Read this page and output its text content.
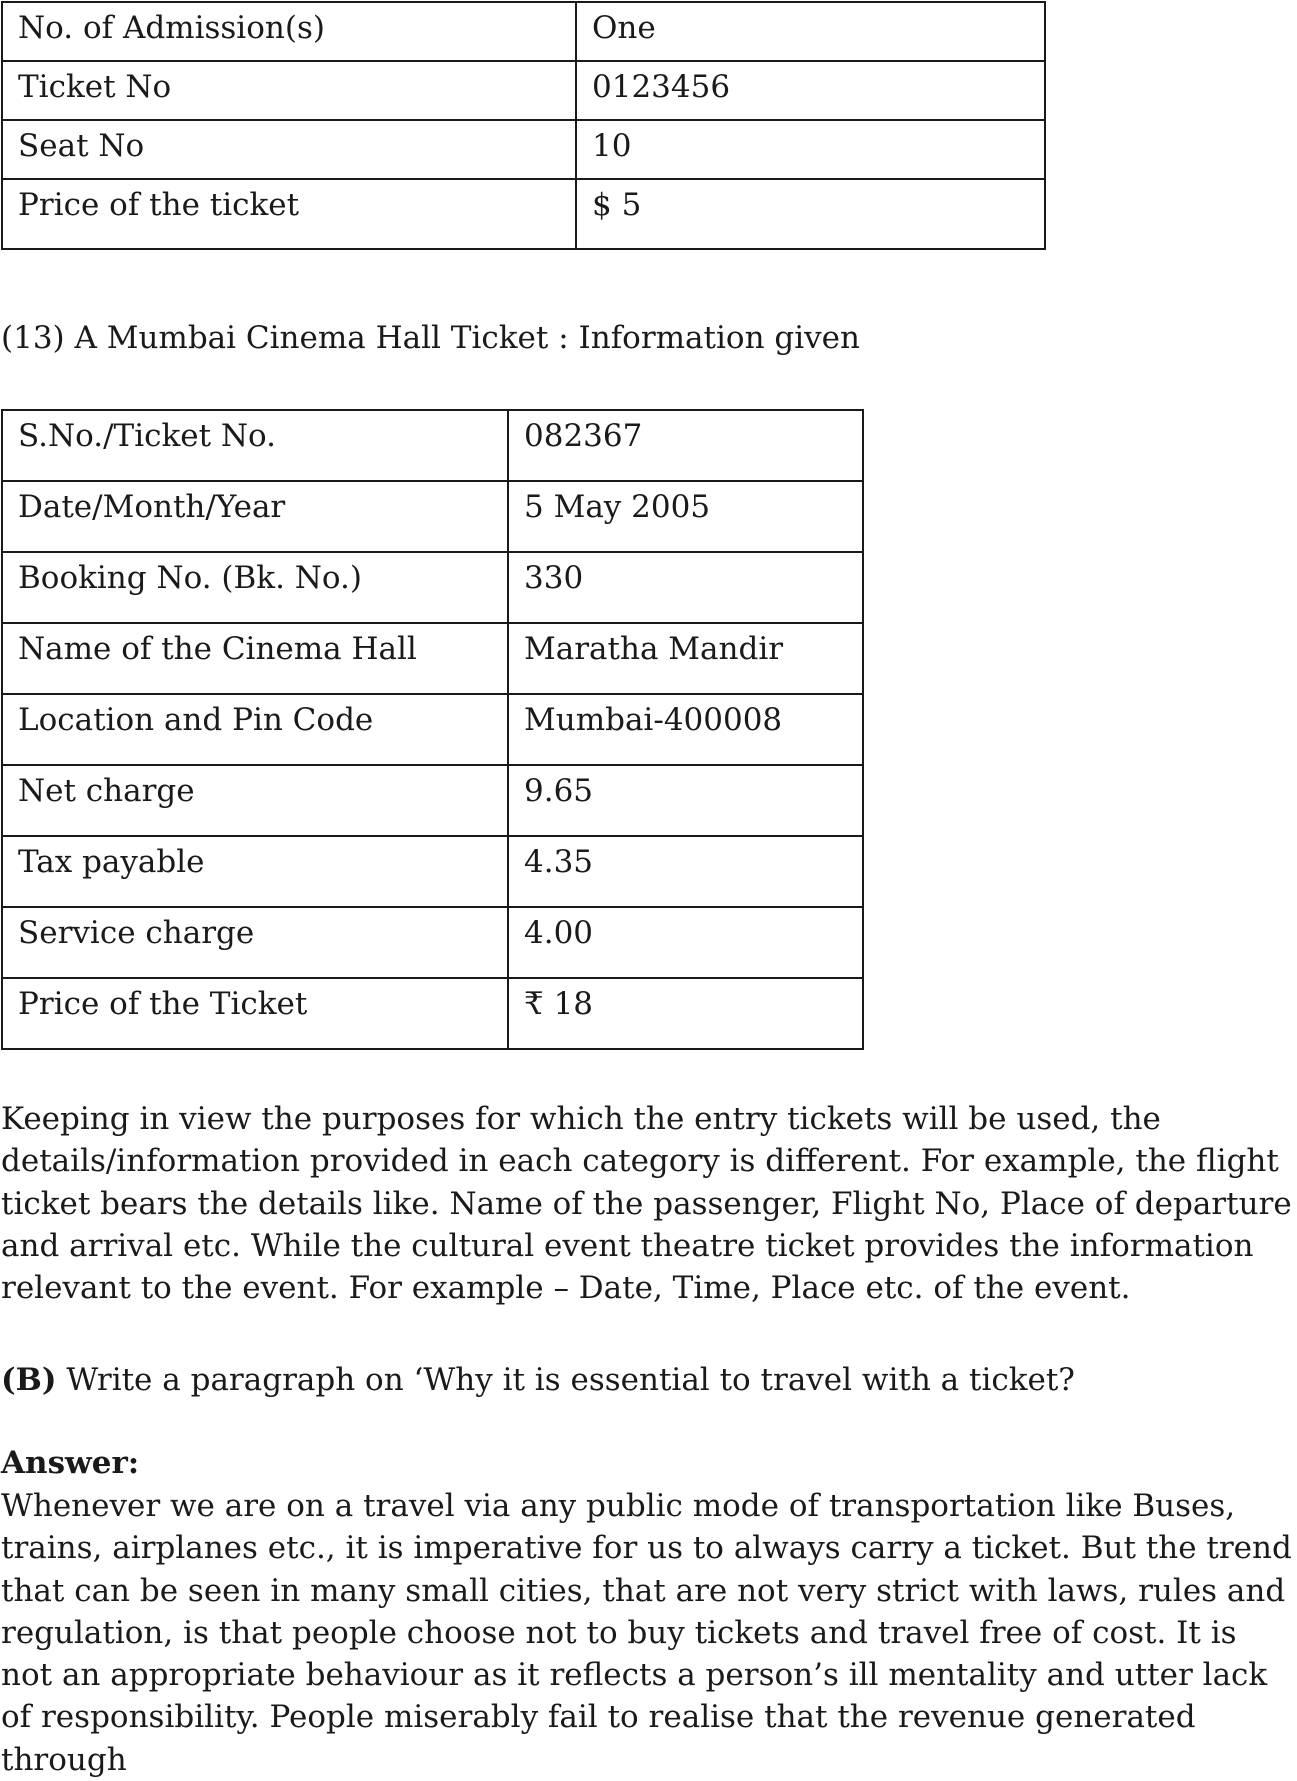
No. of Admission(s)	One
Ticket No	0123456
Seat No	10
Price of the ticket	$ 5
(13) A Mumbai Cinema Hall Ticket : Information given
S.No./Ticket No.	082367
Date/Month/Year	5 May 2005
Booking No. (Bk. No.)	330
Name of the Cinema Hall	Maratha Mandir
Location and Pin Code	Mumbai-400008
Net charge	9.65
Tax payable	4.35
Service charge	4.00
Price of the Ticket	₹ 18

Keeping in view the purposes for which the entry tickets will be used, the details/information provided in each category is different. For example, the flight ticket bears the details like. Name of the passenger, Flight No, Place of departure and arrival etc. While the cultural event theatre ticket provides the information relevant to the event. For example – Date, Time, Place etc. of the event.

(B) Write a paragraph on ‘Why it is essential to travel with a ticket?
Answer:

Whenever we are on a travel via any public mode of transportation like Buses, trains, airplanes etc., it is imperative for us to always carry a ticket. But the trend that can be seen in many small cities, that are not very strict with laws, rules and regulation, is that people choose not to buy tickets and travel free of cost. It is not an appropriate behaviour as it reflects a person’s ill mentality and utter lack of responsibility. People miserably fail to realise that the revenue generated through
